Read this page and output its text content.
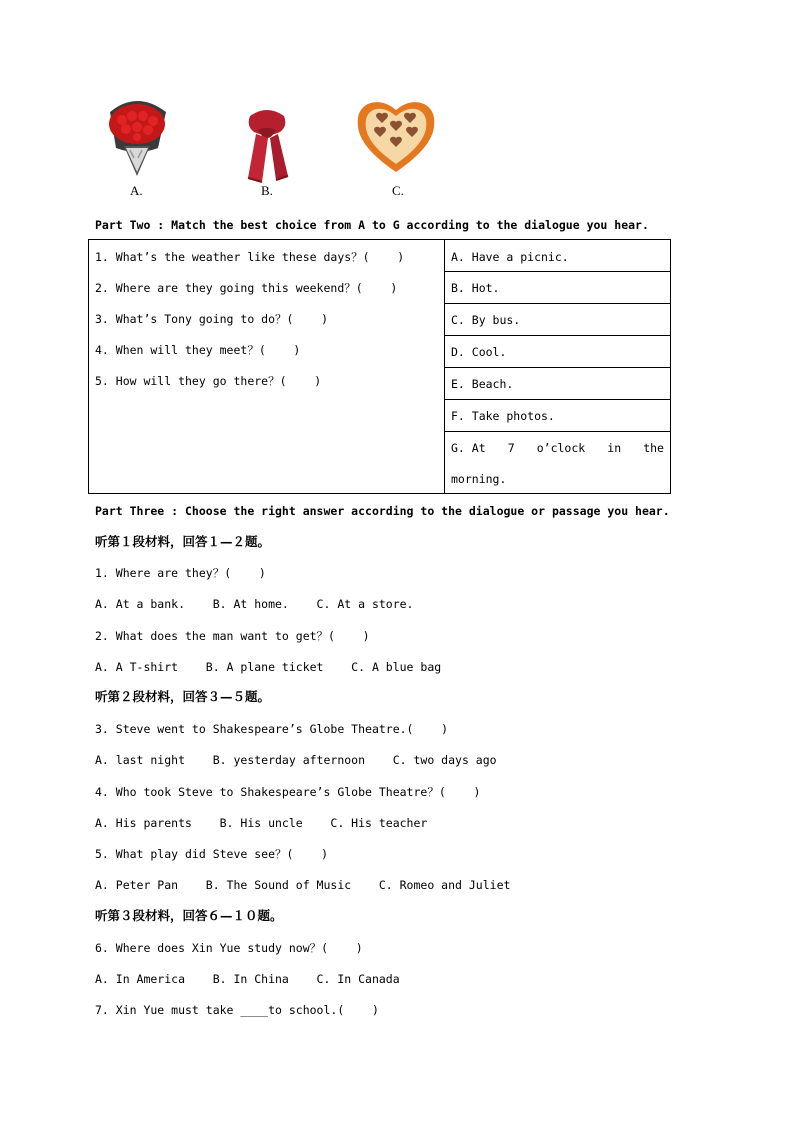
A.	B.	C.
Part Two : Match the best choice from A to G according to the dialogue you hear.
1. What’s the weather like these days？(    )
2. Where are they going this weekend？(    )
3. What’s Tony going to do？(    )
4. When will they meet？(    )
5. How will they go there？(    )
A. Have a picnic.
B. Hot.
C. By bus.
D. Cool.
E. Beach.
F. Take photos.
G. At 7 o’clock in the
morning.
Part Three : Choose the right answer according to the dialogue or passage you hear.
听第１段材料，回答１—２题。
1. Where are they？(    )
A. At a bank.    B. At home.    C. At a store.
2. What does the man want to get？(    )
A. A T-shirt    B. A plane ticket    C. A blue bag
听第２段材料，回答３—５题。
3. Steve went to Shakespeare’s Globe Theatre.(    )
A. last night    B. yesterday afternoon    C. two days ago
4. Who took Steve to Shakespeare’s Globe Theatre？(    )
A. His parents    B. His uncle    C. His teacher
5. What play did Steve see？(    )
A. Peter Pan    B. The Sound of Music    C. Romeo and Juliet
听第３段材料，回答６—１０题。
6. Where does Xin Yue study now？(    )
A. In America    B. In China    C. In Canada
7. Xin Yue must take ____to school.(    )
